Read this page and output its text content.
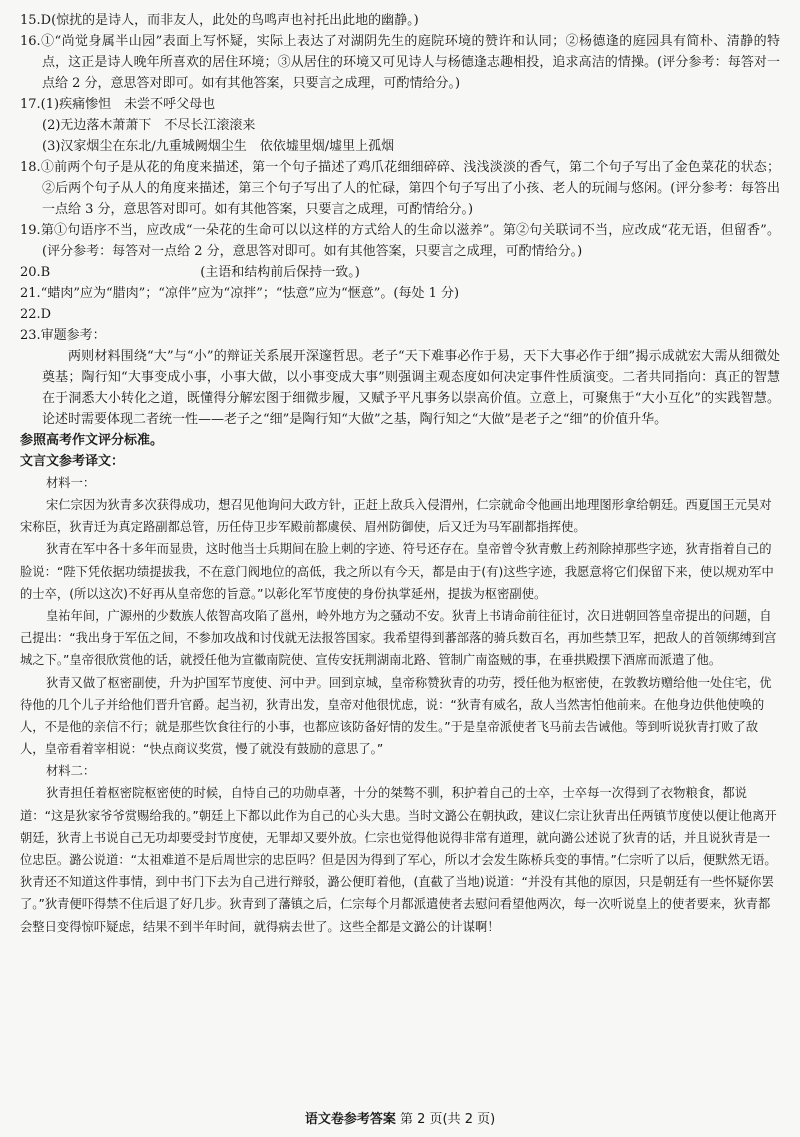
15.D(惊扰的是诗人，而非友人，此处的鸟鸣声也衬托出此地的幽静。)

16.①“尚觉身属半山园”表面上写怀疑，实际上表达了对湖阴先生的庭院环境的赞许和认同；②杨德逢的庭园具有简朴、清静的特点，这正是诗人晚年所喜欢的居住环境；③从居住的环境又可见诗人与杨德逢志趣相投，追求高洁的情操。(评分参考：每答对一点给 2 分，意思答对即可。如有其他答案，只要言之成理，可酌情给分。)

17.(1)疾痛惨怛　未尝不呼父母也

(2)无边落木萧萧下　不尽长江滚滚来

(3)汉家烟尘在东北/九重城阙烟尘生　依依墟里烟/墟里上孤烟

18.①前两个句子是从花的角度来描述，第一个句子描述了鸡爪花细细碎碎、浅浅淡淡的香气，第二个句子写出了金色菜花的状态；②后两个句子从人的角度来描述，第三个句子写出了人的忙碌，第四个句子写出了小孩、老人的玩闹与悠闲。(评分参考：每答出一点给 3 分，意思答对即可。如有其他答案，只要言之成理，可酌情给分。)

19.第①句语序不当，应改成“一朵花的生命可以以这样的方式给人的生命以滋养”。第②句关联词不当，应改成“花无语，但留香”。(评分参考：每答对一点给 2 分，意思答对即可。如有其他答案，只要言之成理，可酌情给分。)

20.B	(主语和结构前后保持一致。)

21.“蜡肉”应为“腊肉”；“凉伴”应为“凉拌”；“怯意”应为“惬意”。(每处 1 分)

22.D

23.审题参考：

两则材料围绕“大”与“小”的辩证关系展开深邃哲思。老子“天下难事必作于易，天下大事必作于细”揭示成就宏大需从细微处奠基；陶行知“大事变成小事，小事大做，以小事变成大事”则强调主观态度如何决定事件性质演变。二者共同指向：真正的智慧在于洞悉大小转化之道，既懂得分解宏图于细微步履，又赋予平凡事务以崇高价值。立意上，可聚焦于“大小互化”的实践智慧。论述时需要体现二者统一性——老子之“细”是陶行知“大做”之基，陶行知之“大做”是老子之“细”的价值升华。

参照高考作文评分标准。

文言文参考译文：

材料一：

宋仁宗因为狄青多次获得成功，想召见他询问大政方针，正赶上敌兵入侵渭州，仁宗就命令他画出地理图形拿给朝廷。西夏国王元昊对宋称臣，狄青迁为真定路副都总管，历任侍卫步军殿前都虞侯、眉州防御使，后又迁为马军副都指挥使。

狄青在军中各十多年而显贵，这时他当士兵期间在脸上刺的字迹、符号还存在。皇帝曾令狄青敷上药剂除掉那些字迹，狄青指着自己的脸说：“陛下凭依据功绩提拔我，不在意门阀地位的高低，我之所以有今天，都是由于(有)这些字迹，我愿意将它们保留下来，使以规劝军中的士卒，(所以这次)不好再从皇帝您的旨意。”以彰化军节度使的身份执掌延州，提拔为枢密副使。

皇祐年间，广源州的少数族人侬智高攻陷了邕州，岭外地方为之骚动不安。狄青上书请命前往征讨，次日进朝回答皇帝提出的问题，自己提出：“我出身于军伍之间，不参加攻战和讨伐就无法报答国家。我希望得到蕃部落的骑兵数百名，再加些禁卫军，把敌人的首领绑缚到宫城之下。”皇帝很欣赏他的话，就授任他为宣徽南院使、宣传安抚荆湖南北路、管制广南盗贼的事，在垂拱殿摆下酒席而派遣了他。

狄青又做了枢密副使，升为护国军节度使、河中尹。回到京城，皇帝称赞狄青的功劳，授任他为枢密使，在敦教坊赠给他一处住宅，优待他的几个儿子并给他们晋升官爵。起当初，狄青出发，皇帝对他很忧虑，说：“狄青有威名，敌人当然害怕他前来。在他身边供他使唤的人，不是他的亲信不行；就是那些饮食往行的小事，也都应该防备好情的发生。”于是皇帝派使者飞马前去告诫他。等到听说狄青打败了敌人，皇帝看着宰相说：“快点商议奖赏，慢了就没有鼓励的意思了。”

材料二：

狄青担任着枢密院枢密使的时候，自恃自己的功勋卓著，十分的桀骜不驯，积护着自己的士卒，士卒每一次得到了衣物粮食，都说道：“这是狄家爷爷赏赐给我的。”朝廷上下都以此作为自己的心头大患。当时文潞公在朝执政，建议仁宗让狄青出任两镇节度使以便让他离开朝廷，狄青上书说自己无功却要受封节度使，无罪却又要外放。仁宗也觉得他说得非常有道理，就向潞公述说了狄青的话，并且说狄青是一位忠臣。潞公说道：“太祖难道不是后周世宗的忠臣吗？但是因为得到了军心，所以才会发生陈桥兵变的事情。”仁宗听了以后，便默然无语。狄青还不知道这件事情，到中书门下去为自己进行辩驳，潞公便盯着他，(直截了当地)说道：“并没有其他的原因，只是朝廷有一些怀疑你罢了。”狄青便吓得禁不住后退了好几步。狄青到了藩镇之后，仁宗每个月都派遣使者去慰问看望他两次，每一次听说皇上的使者要来，狄青都会整日变得惊吓疑虑，结果不到半年时间，就得病去世了。这些全都是文潞公的计谋啊！

语文卷参考答案 第 2 页(共 2 页)
